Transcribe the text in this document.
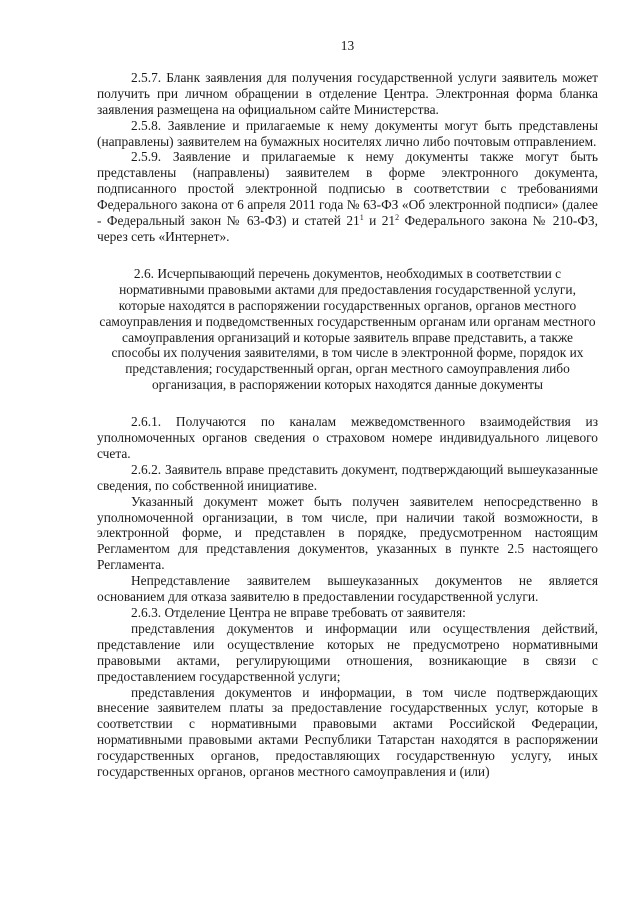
13

2.5.7. Бланк заявления для получения государственной услуги заявитель может получить при личном обращении в отделение Центра. Электронная форма бланка заявления размещена на официальном сайте Министерства.

2.5.8. Заявление и прилагаемые к нему документы могут быть представлены (направлены) заявителем на бумажных носителях лично либо почтовым отправлением.

2.5.9. Заявление и прилагаемые к нему документы также могут быть представлены (направлены) заявителем в форме электронного документа, подписанного простой электронной подписью в соответствии с требованиями Федерального закона от 6 апреля 2011 года № 63-ФЗ «Об электронной подписи» (далее - Федеральный закон № 63-ФЗ) и статей $21^1$ и $21^2$ Федерального закона № 210-ФЗ, через сеть «Интернет».

2.6. Исчерпывающий перечень документов, необходимых в соответствии с нормативными правовыми актами для предоставления государственной услуги, которые находятся в распоряжении государственных органов, органов местного самоуправления и подведомственных государственным органам или органам местного самоуправления организаций и которые заявитель вправе представить, а также способы их получения заявителями, в том числе в электронной форме, порядок их представления; государственный орган, орган местного самоуправления либо организация, в распоряжении которых находятся данные документы

2.6.1. Получаются по каналам межведомственного взаимодействия из уполномоченных органов сведения о страховом номере индивидуального лицевого счета.

2.6.2. Заявитель вправе представить документ, подтверждающий вышеуказанные сведения, по собственной инициативе.

Указанный документ может быть получен заявителем непосредственно в уполномоченной организации, в том числе, при наличии такой возможности, в электронной форме, и представлен в порядке, предусмотренном настоящим Регламентом для представления документов, указанных в пункте 2.5 настоящего Регламента.

Непредставление заявителем вышеуказанных документов не является основанием для отказа заявителю в предоставлении государственной услуги.

2.6.3. Отделение Центра не вправе требовать от заявителя:

представления документов и информации или осуществления действий, представление или осуществление которых не предусмотрено нормативными правовыми актами, регулирующими отношения, возникающие в связи с предоставлением государственной услуги;

представления документов и информации, в том числе подтверждающих внесение заявителем платы за предоставление государственных услуг, которые в соответствии с нормативными правовыми актами Российской Федерации, нормативными правовыми актами Республики Татарстан находятся в распоряжении государственных органов, предоставляющих государственную услугу, иных государственных органов, органов местного самоуправления и (или)
